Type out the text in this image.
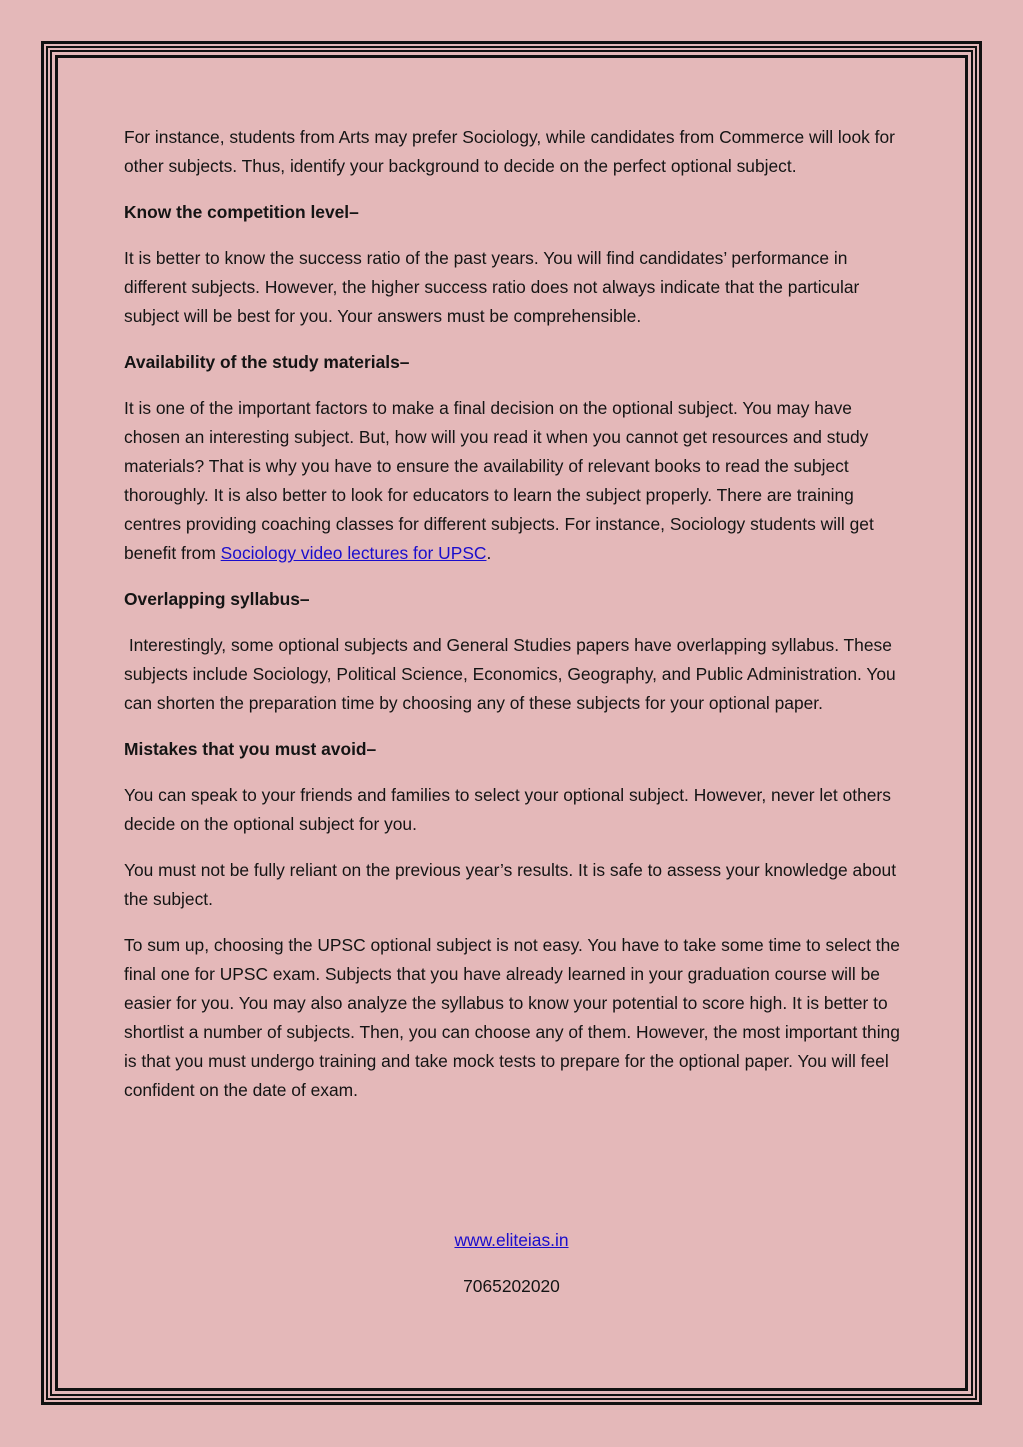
For instance, students from Arts may prefer Sociology, while candidates from Commerce will look for other subjects. Thus, identify your background to decide on the perfect optional subject.

Know the competition level–

It is better to know the success ratio of the past years. You will find candidates’ performance in different subjects. However, the higher success ratio does not always indicate that the particular subject will be best for you. Your answers must be comprehensible.

Availability of the study materials–

It is one of the important factors to make a final decision on the optional subject. You may have chosen an interesting subject. But, how will you read it when you cannot get resources and study materials? That is why you have to ensure the availability of relevant books to read the subject thoroughly. It is also better to look for educators to learn the subject properly. There are training centres providing coaching classes for different subjects. For instance, Sociology students will get benefit from Sociology video lectures for UPSC.

Overlapping syllabus–

Interestingly, some optional subjects and General Studies papers have overlapping syllabus. These subjects include Sociology, Political Science, Economics, Geography, and Public Administration. You can shorten the preparation time by choosing any of these subjects for your optional paper.

Mistakes that you must avoid–

You can speak to your friends and families to select your optional subject. However, never let others decide on the optional subject for you.

You must not be fully reliant on the previous year’s results. It is safe to assess your knowledge about the subject.

To sum up, choosing the UPSC optional subject is not easy. You have to take some time to select the final one for UPSC exam. Subjects that you have already learned in your graduation course will be easier for you. You may also analyze the syllabus to know your potential to score high. It is better to shortlist a number of subjects. Then, you can choose any of them. However, the most important thing is that you must undergo training and take mock tests to prepare for the optional paper. You will feel confident on the date of exam.

www.eliteias.in
7065202020
